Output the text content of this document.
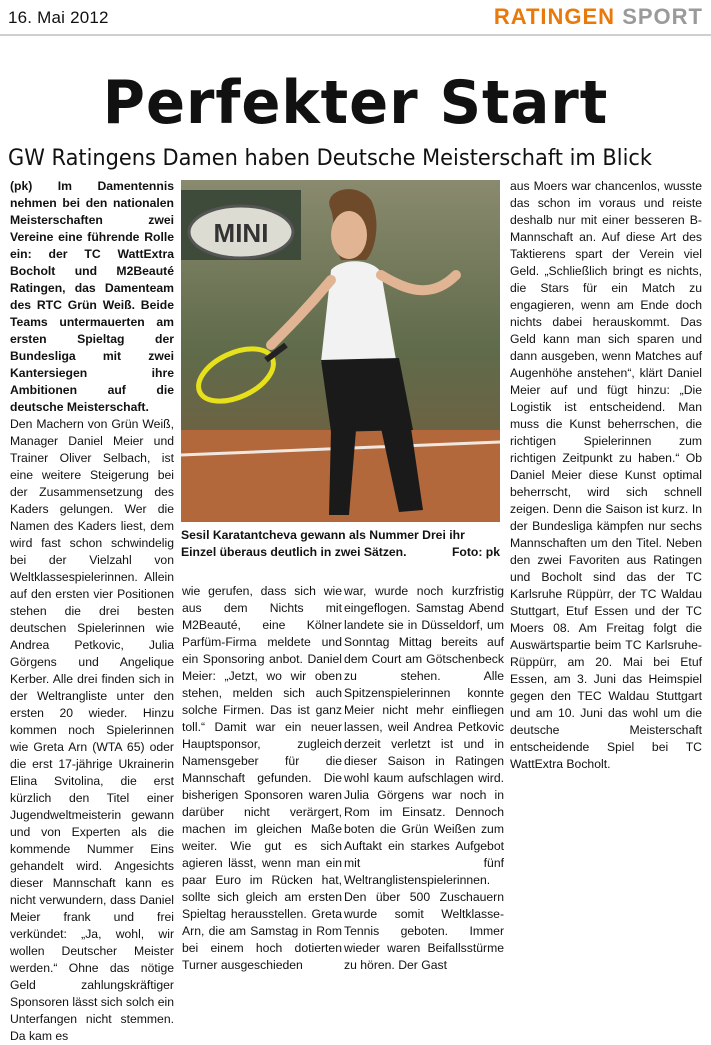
16. Mai 2012	RATINGEN SPORT
Perfekter Start
GW Ratingens Damen haben Deutsche Meisterschaft im Blick

(pk) Im Damentennis nehmen bei den nationalen Meisterschaften zwei Vereine eine führende Rolle ein: der TC WattExtra Bocholt und M2Beauté Ratingen, das Damenteam des RTC Grün Weiß. Beide Teams untermauerten am ersten Spieltag der Bundesliga mit zwei Kantersiegen ihre Ambitionen auf die deutsche Meisterschaft.

Den Machern von Grün Weiß, Manager Daniel Meier und Trainer Oliver Selbach, ist eine weitere Steigerung bei der Zusammensetzung des Kaders gelungen. Wer die Namen des Kaders liest, dem wird fast schon schwindelig bei der Vielzahl von Weltklassespielerinnen. Allein auf den ersten vier Positionen stehen die drei besten deutschen Spielerinnen wie Andrea Petkovic, Julia Görgens und Angelique Kerber. Alle drei finden sich in der Weltrangliste unter den ersten 20 wieder. Hinzu kommen noch Spielerinnen wie Greta Arn (WTA 65) oder die erst 17-jährige Ukrainerin Elina Svitolina, die erst kürzlich den Titel einer Jugendweltmeisterin gewann und von Experten als die kommende Nummer Eins gehandelt wird. Angesichts dieser Mannschaft kann es nicht verwundern, dass Daniel Meier frank und frei verkündet: „Ja, wohl, wir wollen Deutscher Meister werden.“ Ohne das nötige Geld zahlungskräftiger Sponsoren lässt sich solch ein Unterfangen nicht stemmen. Da kam es

MINI
Sesil Karatantcheva gewann als Nummer Drei ihr Einzel überaus deutlich in zwei Sätzen.	Foto: pk

wie gerufen, dass sich wie aus dem Nichts mit M2Beauté, eine Kölner Parfüm-Firma meldete und ein Sponsoring anbot. Daniel Meier: „Jetzt, wo wir oben stehen, melden sich auch solche Firmen. Das ist ganz toll.“ Damit war ein neuer Hauptsponsor, zugleich Namensgeber für die Mannschaft gefunden. Die bisherigen Sponsoren waren darüber nicht verärgert, machen im gleichen Maße weiter. Wie gut es sich agieren lässt, wenn man ein paar Euro im Rücken hat, sollte sich gleich am ersten Spieltag herausstellen. Greta Arn, die am Samstag in Rom bei einem hoch dotierten Turner ausgeschieden

war, wurde noch kurzfristig eingeflogen. Samstag Abend landete sie in Düsseldorf, um Sonntag Mittag bereits auf dem Court am Götschenbeck zu stehen. Alle Spitzenspielerinnen konnte Meier nicht mehr einfliegen lassen, weil Andrea Petkovic derzeit verletzt ist und in dieser Saison in Ratingen wohl kaum aufschlagen wird. Julia Görgens war noch in Rom im Einsatz. Dennoch boten die Grün Weißen zum Auftakt ein starkes Aufgebot mit fünf Weltranglistenspielerinnen. Den über 500 Zuschauern wurde somit Weltklasse-Tennis geboten. Immer wieder waren Beifallsstürme zu hören. Der Gast

aus Moers war chancenlos, wusste das schon im voraus und reiste deshalb nur mit einer besseren B-Mannschaft an. Auf diese Art des Taktierens spart der Verein viel Geld. „Schließlich bringt es nichts, die Stars für ein Match zu engagieren, wenn am Ende doch nichts dabei herauskommt. Das Geld kann man sich sparen und dann ausgeben, wenn Matches auf Augenhöhe anstehen“, klärt Daniel Meier auf und fügt hinzu: „Die Logistik ist entscheidend. Man muss die Kunst beherrschen, die richtigen Spielerinnen zum richtigen Zeitpunkt zu haben.“ Ob Daniel Meier diese Kunst optimal beherrscht, wird sich schnell zeigen. Denn die Saison ist kurz. In der Bundesliga kämpfen nur sechs Mannschaften um den Titel. Neben den zwei Favoriten aus Ratingen und Bocholt sind das der TC Karlsruhe Rüppürr, der TC Waldau Stuttgart, Etuf Essen und der TC Moers 08. Am Freitag folgt die Auswärtspartie beim TC Karlsruhe-Rüppürr, am 20. Mai bei Etuf Essen, am 3. Juni das Heimspiel gegen den TEC Waldau Stuttgart und am 10. Juni das wohl um die deutsche Meisterschaft entscheidende Spiel bei TC WattExtra Bocholt.
